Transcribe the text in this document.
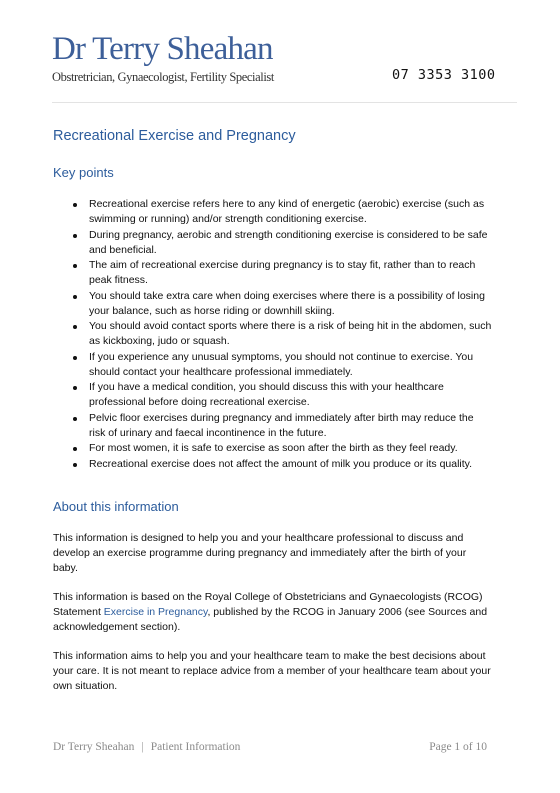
Dr Terry Sheahan
Obstretrician, Gynaecologist, Fertility Specialist	07 3353 3100
Recreational Exercise and Pregnancy
Key points
Recreational exercise refers here to any kind of energetic (aerobic) exercise (such as swimming or running) and/or strength conditioning exercise.
During pregnancy, aerobic and strength conditioning exercise is considered to be safe and beneficial.
The aim of recreational exercise during pregnancy is to stay fit, rather than to reach peak fitness.
You should take extra care when doing exercises where there is a possibility of losing your balance, such as horse riding or downhill skiing.
You should avoid contact sports where there is a risk of being hit in the abdomen, such as kickboxing, judo or squash.
If you experience any unusual symptoms, you should not continue to exercise. You should contact your healthcare professional immediately.
If you have a medical condition, you should discuss this with your healthcare professional before doing recreational exercise.
Pelvic floor exercises during pregnancy and immediately after birth may reduce the risk of urinary and faecal incontinence in the future.
For most women, it is safe to exercise as soon after the birth as they feel ready.
Recreational exercise does not affect the amount of milk you produce or its quality.
About this information

This information is designed to help you and your healthcare professional to discuss and develop an exercise programme during pregnancy and immediately after the birth of your baby.

This information is based on the Royal College of Obstetricians and Gynaecologists (RCOG) Statement Exercise in Pregnancy, published by the RCOG in January 2006 (see Sources and acknowledgement section).

This information aims to help you and your healthcare team to make the best decisions about your care. It is not meant to replace advice from a member of your healthcare team about your own situation.

Dr Terry Sheahan | Patient Information	Page 1 of 10
